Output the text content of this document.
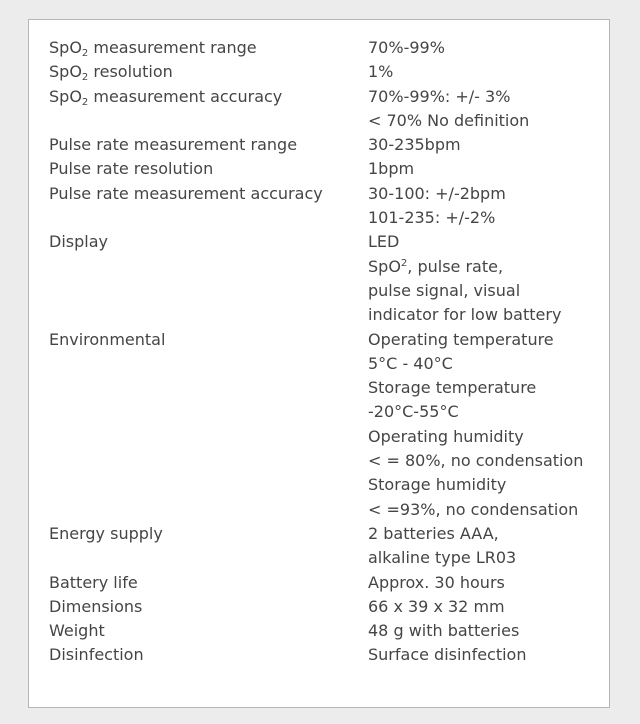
SpO$_2$ measurement range	70%-99%
SpO$_2$ resolution	1%
SpO$_2$ measurement accuracy	70%-99%: +/- 3%
< 70% No definition
Pulse rate measurement range	30-235bpm
Pulse rate resolution	1bpm
Pulse rate measurement accuracy	30-100: +/-2bpm
101-235: +/-2%
Display	LED
SpO$^2$, pulse rate,
pulse signal, visual
indicator for low battery
Environmental	Operating temperature
5°C - 40°C
Storage temperature
-20°C-55°C
Operating humidity
< = 80%, no condensation
Storage humidity
< =93%, no condensation
Energy supply	2 batteries AAA,
alkaline type LR03
Battery life	Approx. 30 hours
Dimensions	66 x 39 x 32 mm
Weight	48 g with batteries
Disinfection	Surface disinfection
